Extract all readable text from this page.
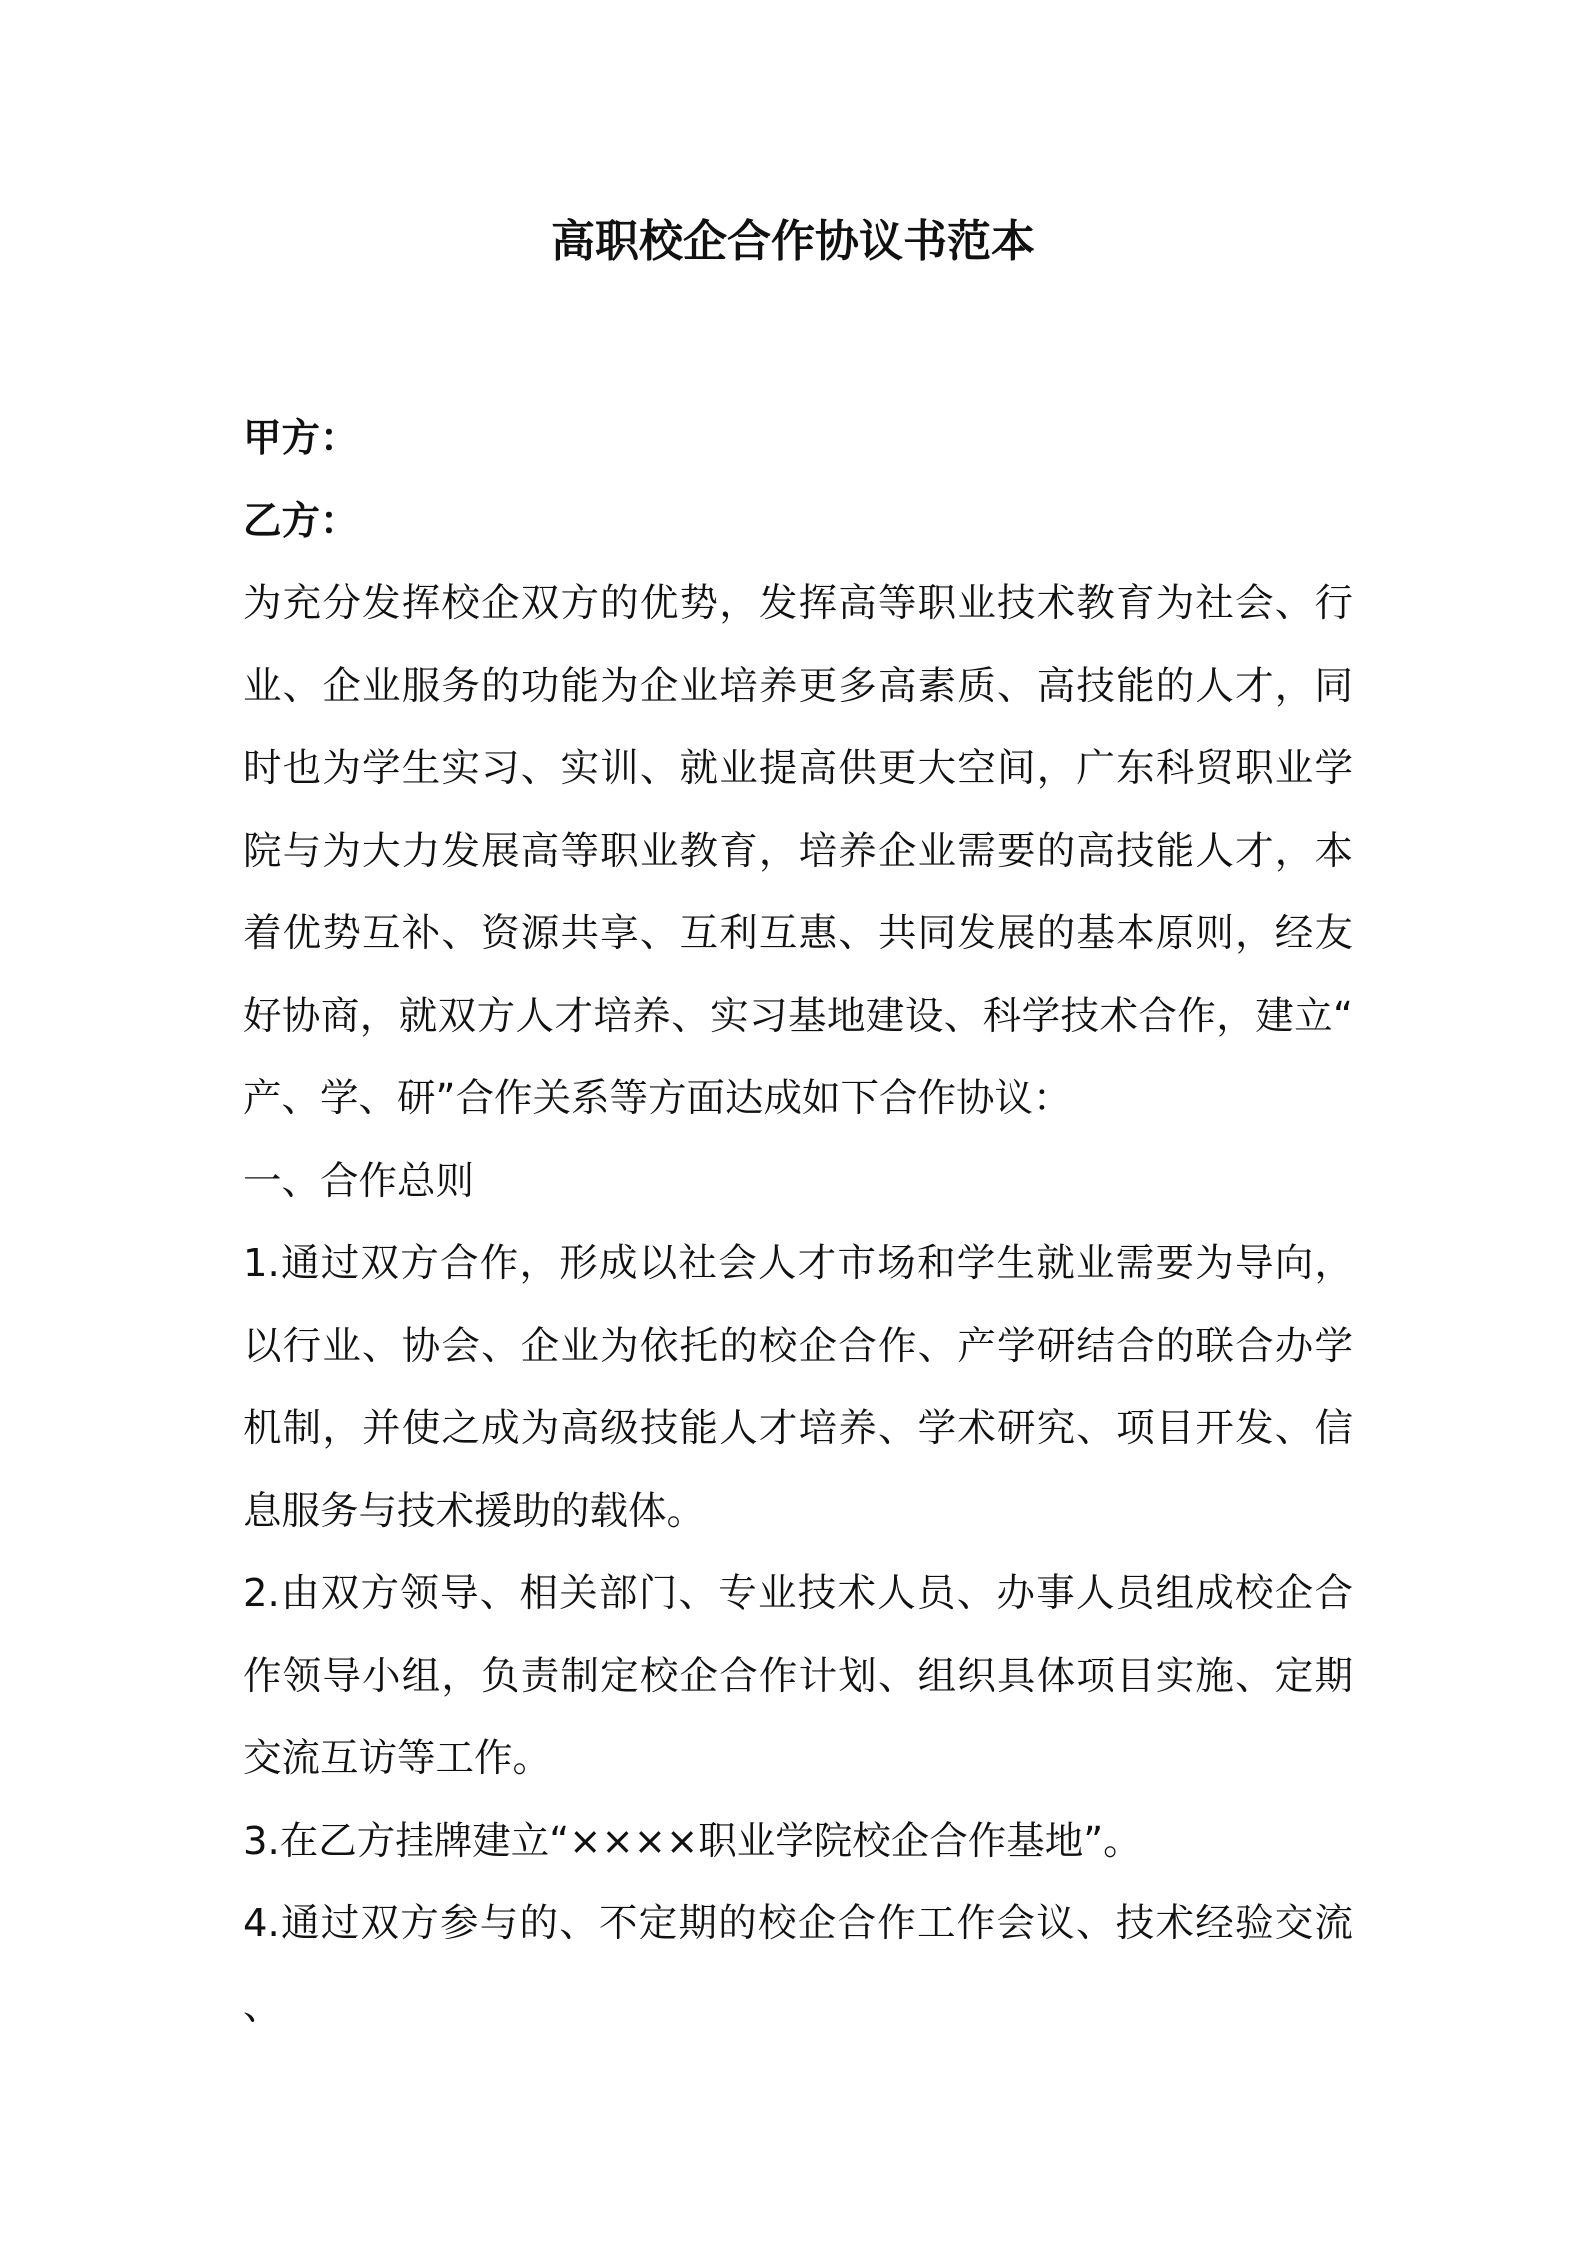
高职校企合作协议书范本

甲方：

乙方：

为充分发挥校企双方的优势，发挥高等职业技术教育为社会、行业、企业服务的功能为企业培养更多高素质、高技能的人才，同时也为学生实习、实训、就业提高供更大空间，广东科贸职业学院与为大力发展高等职业教育，培养企业需要的高技能人才，本着优势互补、资源共享、互利互惠、共同发展的基本原则，经友好协商，就双方人才培养、实习基地建设、科学技术合作，建立“产、学、研”合作关系等方面达成如下合作协议：

一、合作总则

1.通过双方合作，形成以社会人才市场和学生就业需要为导向，以行业、协会、企业为依托的校企合作、产学研结合的联合办学机制，并使之成为高级技能人才培养、学术研究、项目开发、信息服务与技术援助的载体。

2.由双方领导、相关部门、专业技术人员、办事人员组成校企合作领导小组，负责制定校企合作计划、组织具体项目实施、定期交流互访等工作。

3.在乙方挂牌建立“××××职业学院校企合作基地”。

4.通过双方参与的、不定期的校企合作工作会议、技术经验交流、
